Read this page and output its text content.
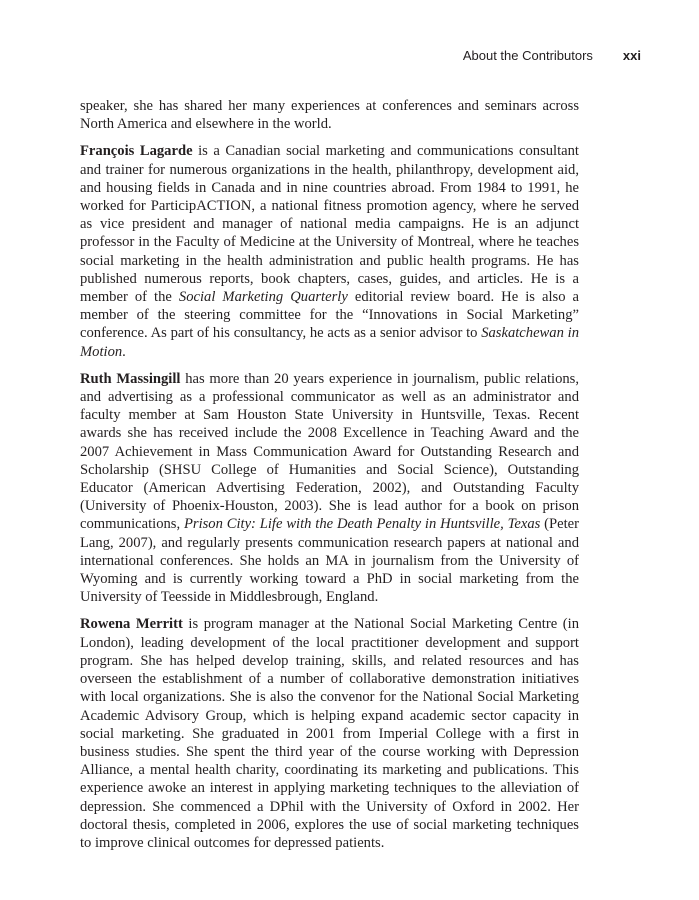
About the Contributors xxi

speaker, she has shared her many experiences at conferences and seminars across North America and elsewhere in the world.

François Lagarde is a Canadian social marketing and communications consultant and trainer for numerous organizations in the health, philanthropy, development aid, and housing fields in Canada and in nine countries abroad. From 1984 to 1991, he worked for ParticipACTION, a national fitness promotion agency, where he served as vice president and manager of national media campaigns. He is an adjunct professor in the Faculty of Medicine at the University of Montreal, where he teaches social marketing in the health administration and public health programs. He has published numerous reports, book chapters, cases, guides, and articles. He is a member of the Social Marketing Quarterly editorial review board. He is also a member of the steering committee for the “Innovations in Social Marketing” conference. As part of his consultancy, he acts as a senior advisor to Saskatchewan in Motion.

Ruth Massingill has more than 20 years experience in journalism, public relations, and advertising as a professional communicator as well as an administrator and faculty member at Sam Houston State University in Huntsville, Texas. Recent awards she has received include the 2008 Excellence in Teaching Award and the 2007 Achievement in Mass Communication Award for Outstanding Research and Scholarship (SHSU College of Humanities and Social Science), Outstanding Educator (American Advertising Federation, 2002), and Outstanding Faculty (University of Phoenix-Houston, 2003). She is lead author for a book on prison communications, Prison City: Life with the Death Penalty in Huntsville, Texas (Peter Lang, 2007), and regularly presents communication research papers at national and international conferences. She holds an MA in journalism from the University of Wyoming and is currently working toward a PhD in social marketing from the University of Teesside in Middlesbrough, England.

Rowena Merritt is program manager at the National Social Marketing Centre (in London), leading development of the local practitioner development and support program. She has helped develop training, skills, and related resources and has overseen the establishment of a number of collaborative demonstration initiatives with local organizations. She is also the convenor for the National Social Marketing Academic Advisory Group, which is helping expand academic sector capacity in social marketing. She graduated in 2001 from Imperial College with a first in business studies. She spent the third year of the course working with Depression Alliance, a mental health charity, coordinating its marketing and publications. This experience awoke an interest in applying marketing techniques to the alleviation of depression. She commenced a DPhil with the University of Oxford in 2002. Her doctoral thesis, completed in 2006, explores the use of social marketing techniques to improve clinical outcomes for depressed patients.
